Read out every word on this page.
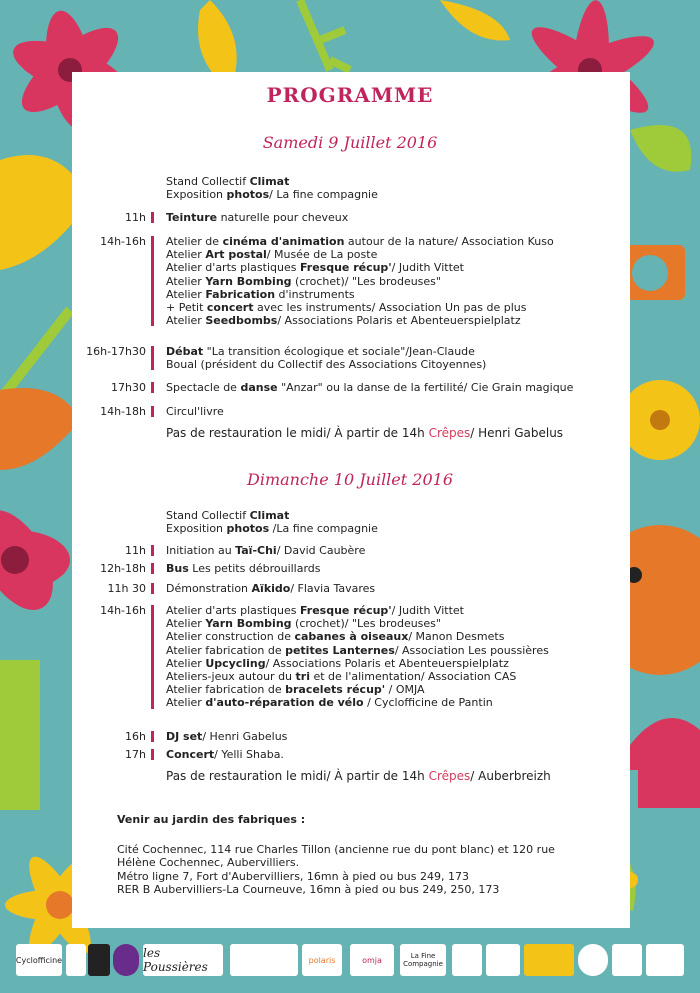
PROGRAMME
Samedi 9 Juillet 2016
Stand Collectif Climat
Exposition photos/ La fine compagnie
11h Teinture naturelle pour cheveux
14h-16h Atelier de cinéma d'animation autour de la nature/ Association Kuso
Atelier Art postal/ Musée de La poste
Atelier d'arts plastiques Fresque récup'/ Judith Vittet
Atelier Yarn Bombing (crochet)/ "Les brodeuses"
Atelier Fabrication d'instruments
+ Petit concert avec les instruments/ Association Un pas de plus
Atelier Seedbombs/ Associations Polaris et Abenteuerspielplatz
16h-17h30 Débat "La transition écologique et sociale"/Jean-Claude
Boual (président du Collectif des Associations Citoyennes)
17h30 Spectacle de danse "Anzar" ou la danse de la fertilité/ Cie Grain magique
14h-18h Circul'livre
Pas de restauration le midi/ À partir de 14h Crêpes/ Henri Gabelus
Dimanche 10 Juillet 2016
Stand Collectif Climat
Exposition photos /La fine compagnie
11h Initiation au Taï-Chi/ David Caubère
12h-18h Bus Les petits débrouillards
11h 30 Démonstration Aïkido/ Flavia Tavares
14h-16h Atelier d'arts plastiques Fresque récup'/ Judith Vittet
Atelier Yarn Bombing (crochet)/ "Les brodeuses"
Atelier construction de cabanes à oiseaux/ Manon Desmets
Atelier fabrication de petites Lanternes/ Association Les poussières
Atelier Upcycling/ Associations Polaris et Abenteuerspielplatz
Ateliers-jeux autour du tri et de l'alimentation/ Association CAS
Atelier fabrication de bracelets récup' / OMJA
Atelier d'auto-réparation de vélo / Cyclofficine de Pantin
16h DJ set/ Henri Gabelus
17h Concert/ Yelli Shaba.
Pas de restauration le midi/ À partir de 14h Crêpes/ Auberbreizh
Venir au jardin des fabriques :
Cité Cochennec, 114 rue Charles Tillon (ancienne rue du pont blanc) et 120 rue
Hélène Cochennec, Aubervilliers.
Métro ligne 7, Fort d'Aubervilliers, 16mn à pied ou bus 249, 173
RER B Aubervilliers-La Courneuve, 16mn à pied ou bus 249, 250, 173
Cyclofficine	les Poussières	polaris	omja	La Fine Compagnie
